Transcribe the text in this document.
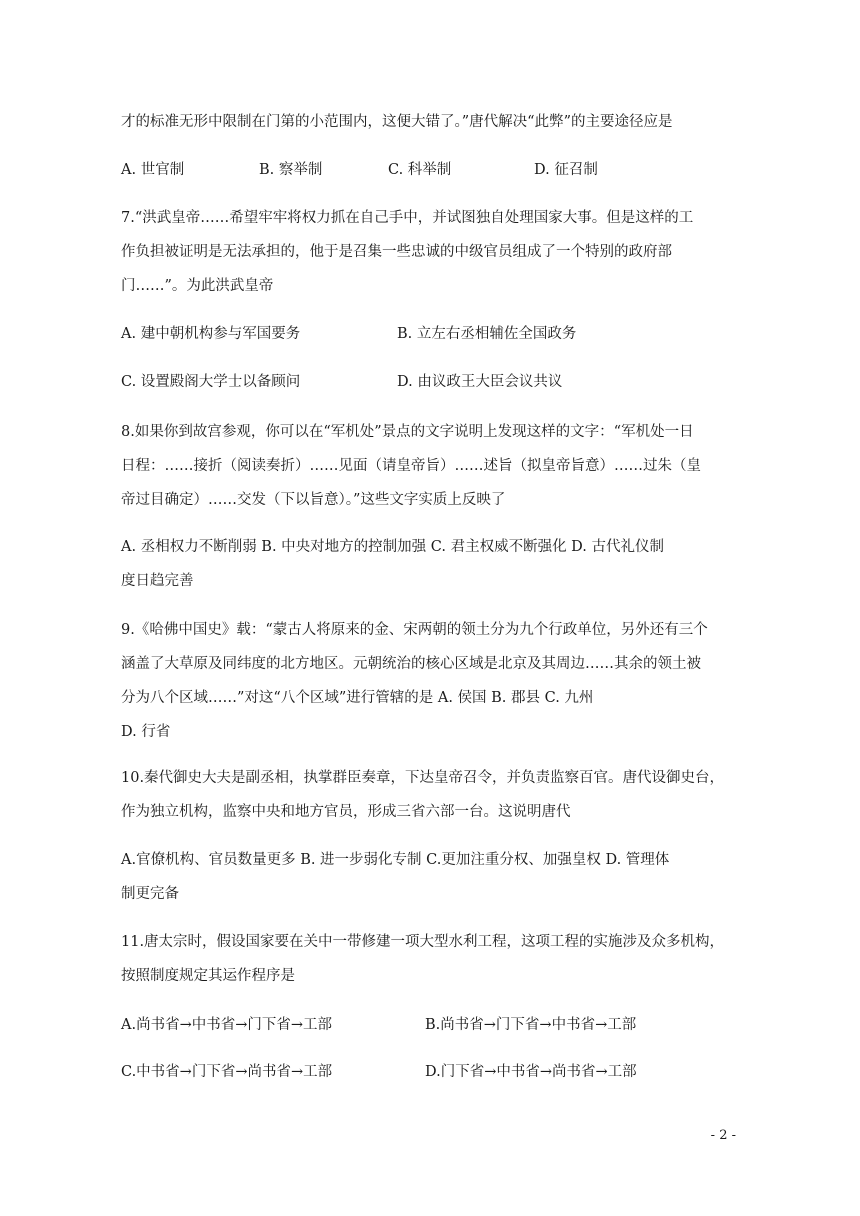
才的标准无形中限制在门第的小范围内，这便大错了。”唐代解决“此弊”的主要途径应是
A. 世官制	B. 察举制	C. 科举制	D. 征召制
7.“洪武皇帝……希望牢牢将权力抓在自己手中，并试图独自处理国家大事。但是这样的工
作负担被证明是无法承担的，他于是召集一些忠诚的中级官员组成了一个特别的政府部
门……”。为此洪武皇帝
A. 建中朝机构参与军国要务	B. 立左右丞相辅佐全国政务
C. 设置殿阁大学士以备顾问	D. 由议政王大臣会议共议
8.如果你到故宫参观，你可以在“军机处”景点的文字说明上发现这样的文字：“军机处一日
日程：……接折（阅读奏折）……见面（请皇帝旨）……述旨（拟皇帝旨意）……过朱（皇
帝过目确定）……交发（下以旨意）。”这些文字实质上反映了
A. 丞相权力不断削弱 B. 中央对地方的控制加强 C. 君主权威不断强化 D. 古代礼仪制
度日趋完善
9.《哈佛中国史》载：“蒙古人将原来的金、宋两朝的领土分为九个行政单位，另外还有三个
涵盖了大草原及同纬度的北方地区。元朝统治的核心区域是北京及其周边……其余的领土被
分为八个区域……”对这“八个区域”进行管辖的是 A. 侯国 B. 郡县 C. 九州
D. 行省
10.秦代御史大夫是副丞相，执掌群臣奏章，下达皇帝召令，并负责监察百官。唐代设御史台，
作为独立机构，监察中央和地方官员，形成三省六部一台。这说明唐代
A.官僚机构、官员数量更多 B. 进一步弱化专制 C.更加注重分权、加强皇权 D. 管理体
制更完备
11.唐太宗时，假设国家要在关中一带修建一项大型水利工程，这项工程的实施涉及众多机构，
按照制度规定其运作程序是
A.尚书省→中书省→门下省→工部	B.尚书省→门下省→中书省→工部
C.中书省→门下省→尚书省→工部	D.门下省→中书省→尚书省→工部
- 2 -
